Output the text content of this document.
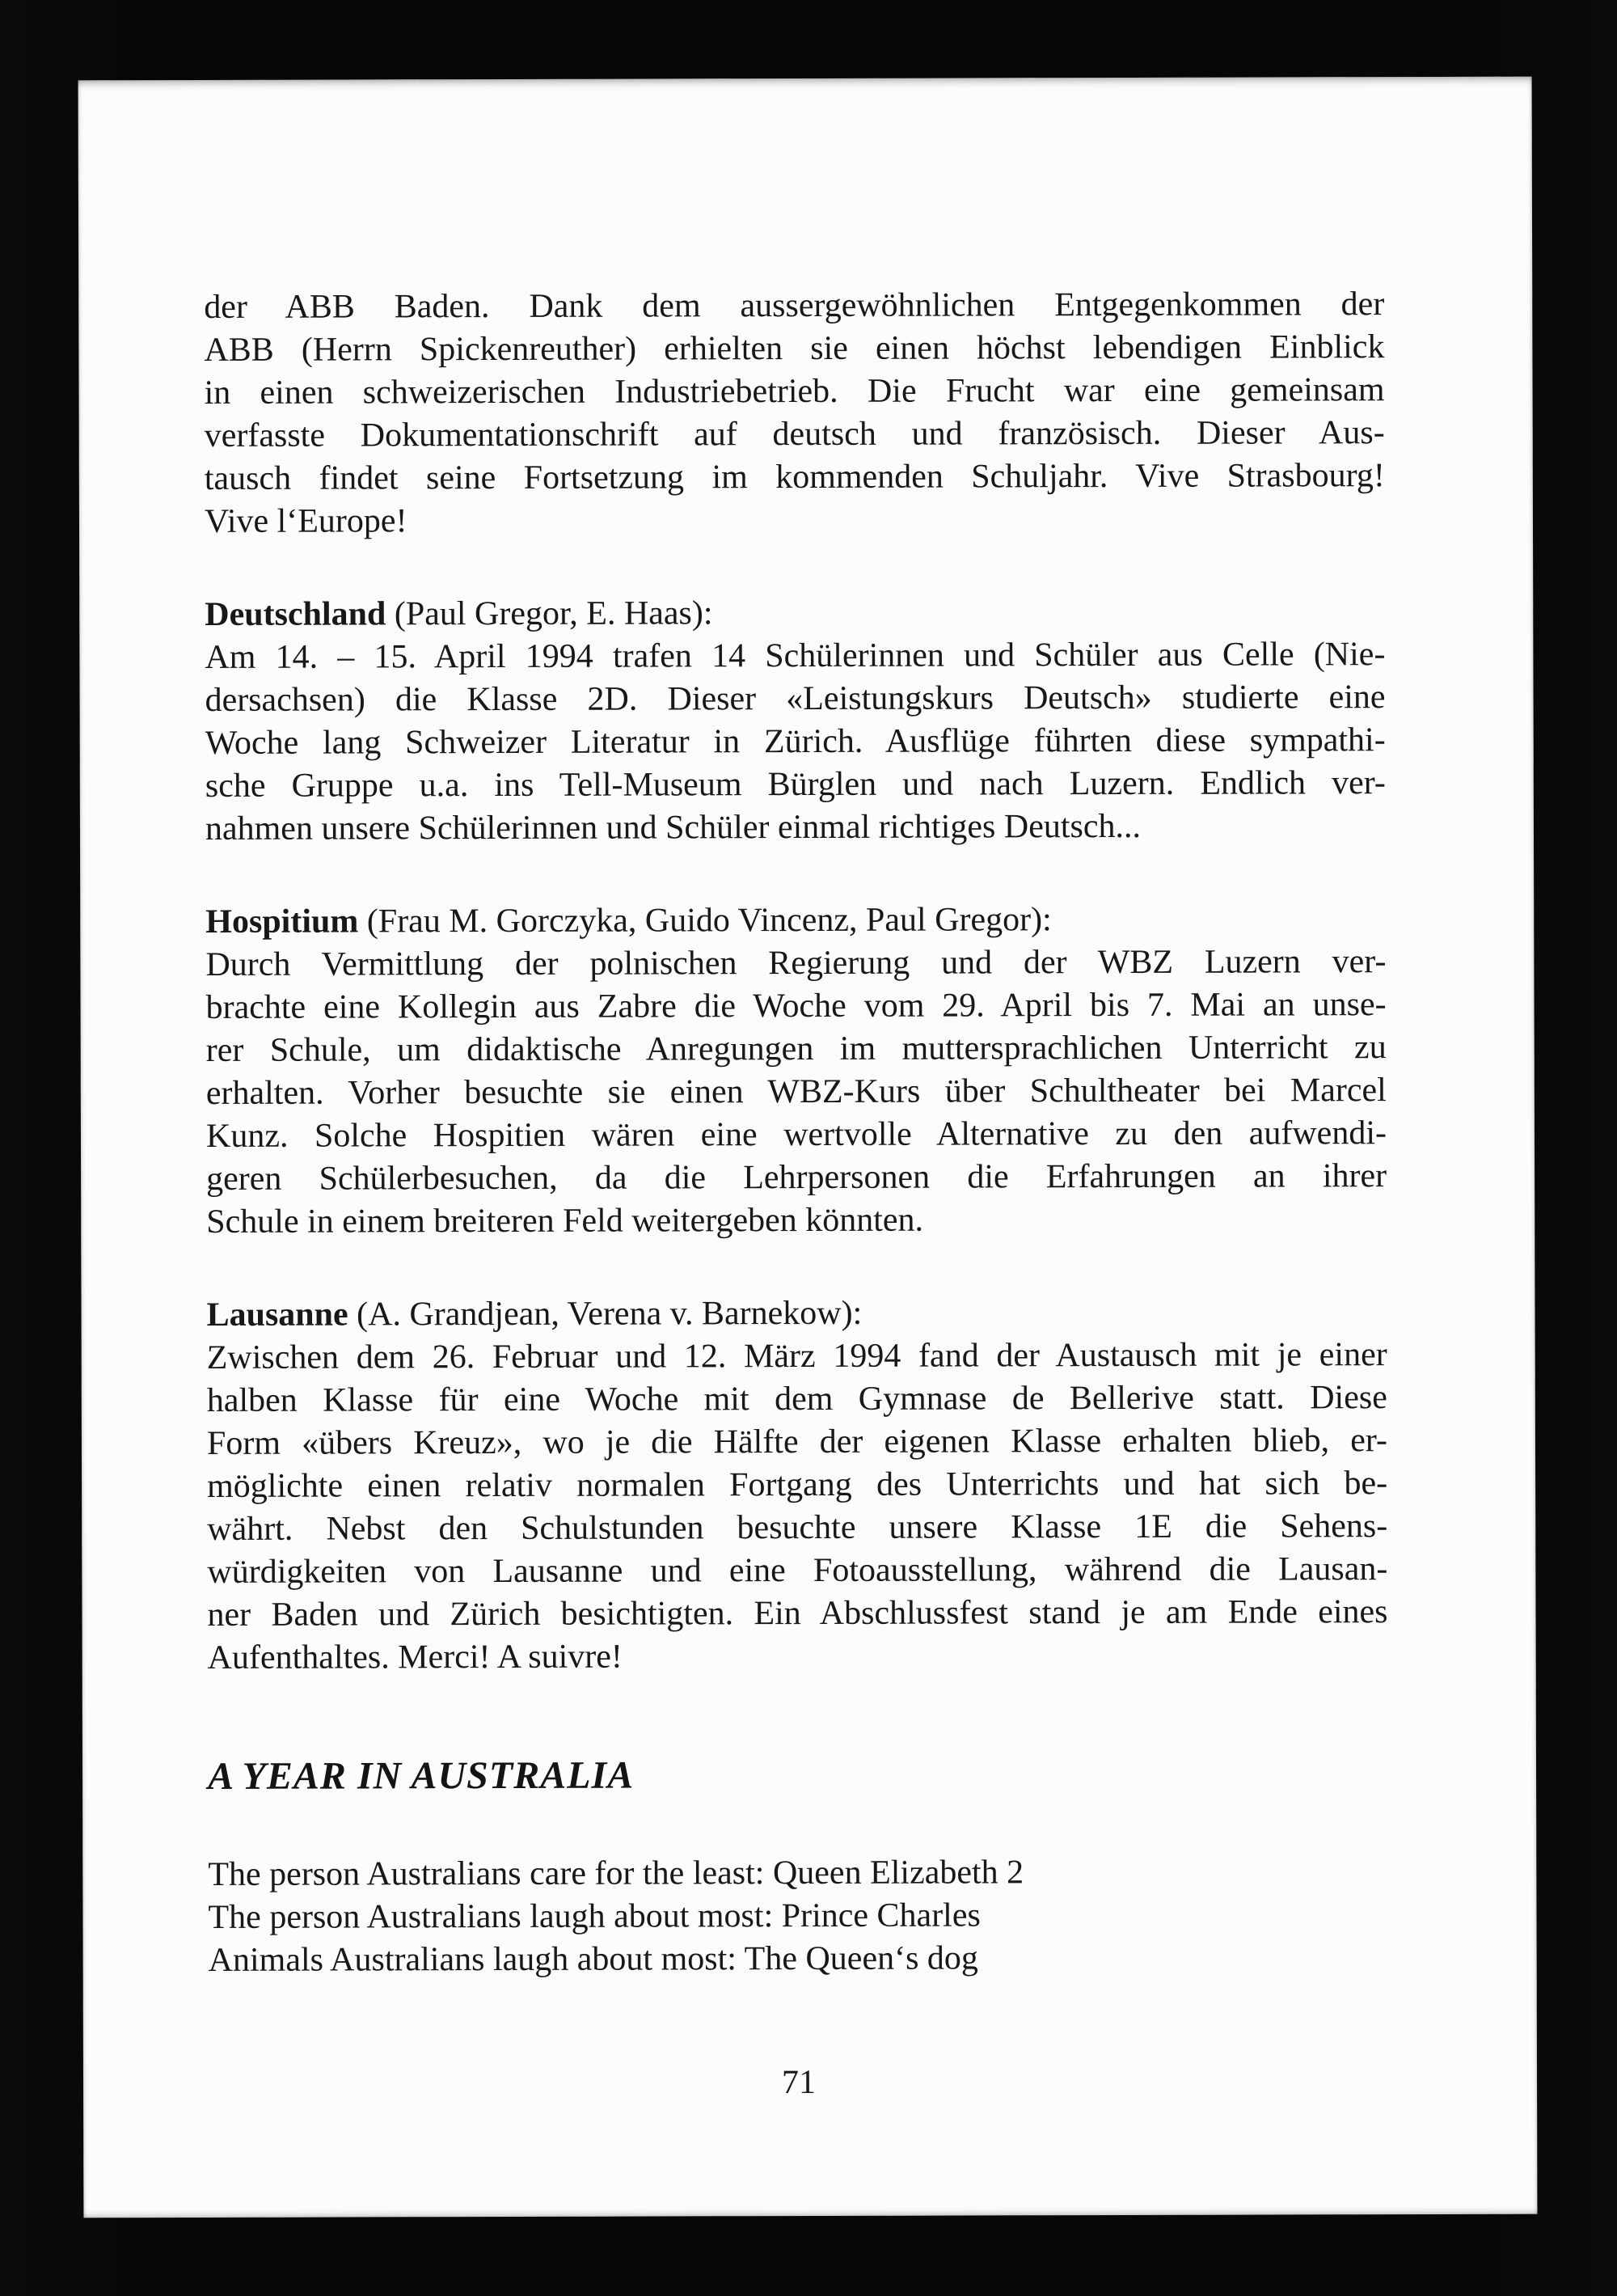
der ABB Baden. Dank dem aussergewöhnlichen Entgegenkommen der
ABB (Herrn Spickenreuther) erhielten sie einen höchst lebendigen Einblick
in einen schweizerischen Industriebetrieb. Die Frucht war eine gemeinsam
verfasste Dokumentationschrift auf deutsch und französisch. Dieser Aus-
tausch findet seine Fortsetzung im kommenden Schuljahr. Vive Strasbourg!
Vive l‘Europe!
Deutschland (Paul Gregor, E. Haas):
Am 14. – 15. April 1994 trafen 14 Schülerinnen und Schüler aus Celle (Nie-
dersachsen) die Klasse 2D. Dieser «Leistungskurs Deutsch» studierte eine
Woche lang Schweizer Literatur in Zürich. Ausflüge führten diese sympathi-
sche Gruppe u.a. ins Tell-Museum Bürglen und nach Luzern. Endlich ver-
nahmen unsere Schülerinnen und Schüler einmal richtiges Deutsch...
Hospitium (Frau M. Gorczyka, Guido Vincenz, Paul Gregor):
Durch Vermittlung der polnischen Regierung und der WBZ Luzern ver-
brachte eine Kollegin aus Zabre die Woche vom 29. April bis 7. Mai an unse-
rer Schule, um didaktische Anregungen im muttersprachlichen Unterricht zu
erhalten. Vorher besuchte sie einen WBZ-Kurs über Schultheater bei Marcel
Kunz. Solche Hospitien wären eine wertvolle Alternative zu den aufwendi-
geren Schülerbesuchen, da die Lehrpersonen die Erfahrungen an ihrer
Schule in einem breiteren Feld weitergeben könnten.
Lausanne (A. Grandjean, Verena v. Barnekow):
Zwischen dem 26. Februar und 12. März 1994 fand der Austausch mit je einer
halben Klasse für eine Woche mit dem Gymnase de Bellerive statt. Diese
Form «übers Kreuz», wo je die Hälfte der eigenen Klasse erhalten blieb, er-
möglichte einen relativ normalen Fortgang des Unterrichts und hat sich be-
währt. Nebst den Schulstunden besuchte unsere Klasse 1E die Sehens-
würdigkeiten von Lausanne und eine Fotoausstellung, während die Lausan-
ner Baden und Zürich besichtigten. Ein Abschlussfest stand je am Ende eines
Aufenthaltes. Merci! A suivre!
A YEAR IN AUSTRALIA
The person Australians care for the least: Queen Elizabeth 2
The person Australians laugh about most: Prince Charles
Animals Australians laugh about most: The Queen‘s dog
71
